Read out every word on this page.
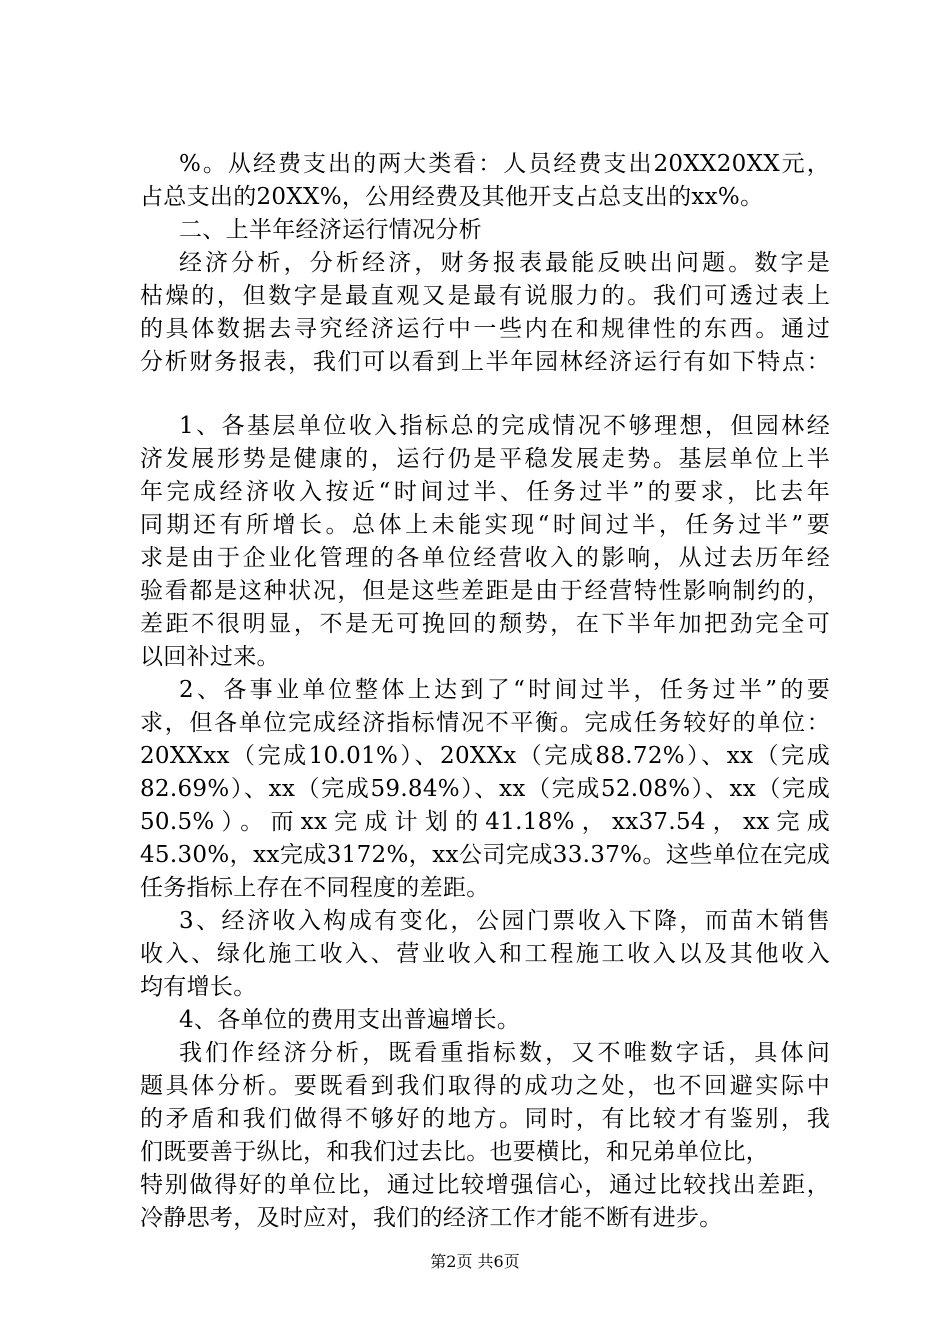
%。从经费支出的两大类看：人员经费支出20XX20XX元，
占总支出的20XX%，公用经费及其他开支占总支出的xx%。
二、上半年经济运行情况分析
经济分析，分析经济，财务报表最能反映出问题。数字是
枯燥的，但数字是最直观又是最有说服力的。我们可透过表上
的具体数据去寻究经济运行中一些内在和规律性的东西。通过
分析财务报表，我们可以看到上半年园林经济运行有如下特点：
1、各基层单位收入指标总的完成情况不够理想，但园林经
济发展形势是健康的，运行仍是平稳发展走势。基层单位上半
年完成经济收入按近“时间过半、任务过半”的要求，比去年
同期还有所增长。总体上未能实现“时间过半，任务过半”要
求是由于企业化管理的各单位经营收入的影响，从过去历年经
验看都是这种状况，但是这些差距是由于经营特性影响制约的，
差距不很明显，不是无可挽回的颓势，在下半年加把劲完全可
以回补过来。
2、各事业单位整体上达到了“时间过半，任务过半”的要
求，但各单位完成经济指标情况不平衡。完成任务较好的单位：
20XXxx（完成10.01%）、20XXx（完成88.72%）、xx（完成
82.69%）、xx（完成59.84%）、xx（完成52.08%）、xx（完成
50.5%）。而xx完成计划的41.18%，xx37.54，xx完成
45.30%，xx完成3172%，xx公司完成33.37%。这些单位在完成
任务指标上存在不同程度的差距。
3、经济收入构成有变化，公园门票收入下降，而苗木销售
收入、绿化施工收入、营业收入和工程施工收入以及其他收入
均有增长。
4、各单位的费用支出普遍增长。
我们作经济分析，既看重指标数，又不唯数字话，具体问
题具体分析。要既看到我们取得的成功之处，也不回避实际中
的矛盾和我们做得不够好的地方。同时，有比较才有鉴别，我
们既要善于纵比，和我们过去比。也要横比，和兄弟单位比，
特别做得好的单位比，通过比较增强信心，通过比较找出差距，
冷静思考，及时应对，我们的经济工作才能不断有进步。
第2页 共6页
